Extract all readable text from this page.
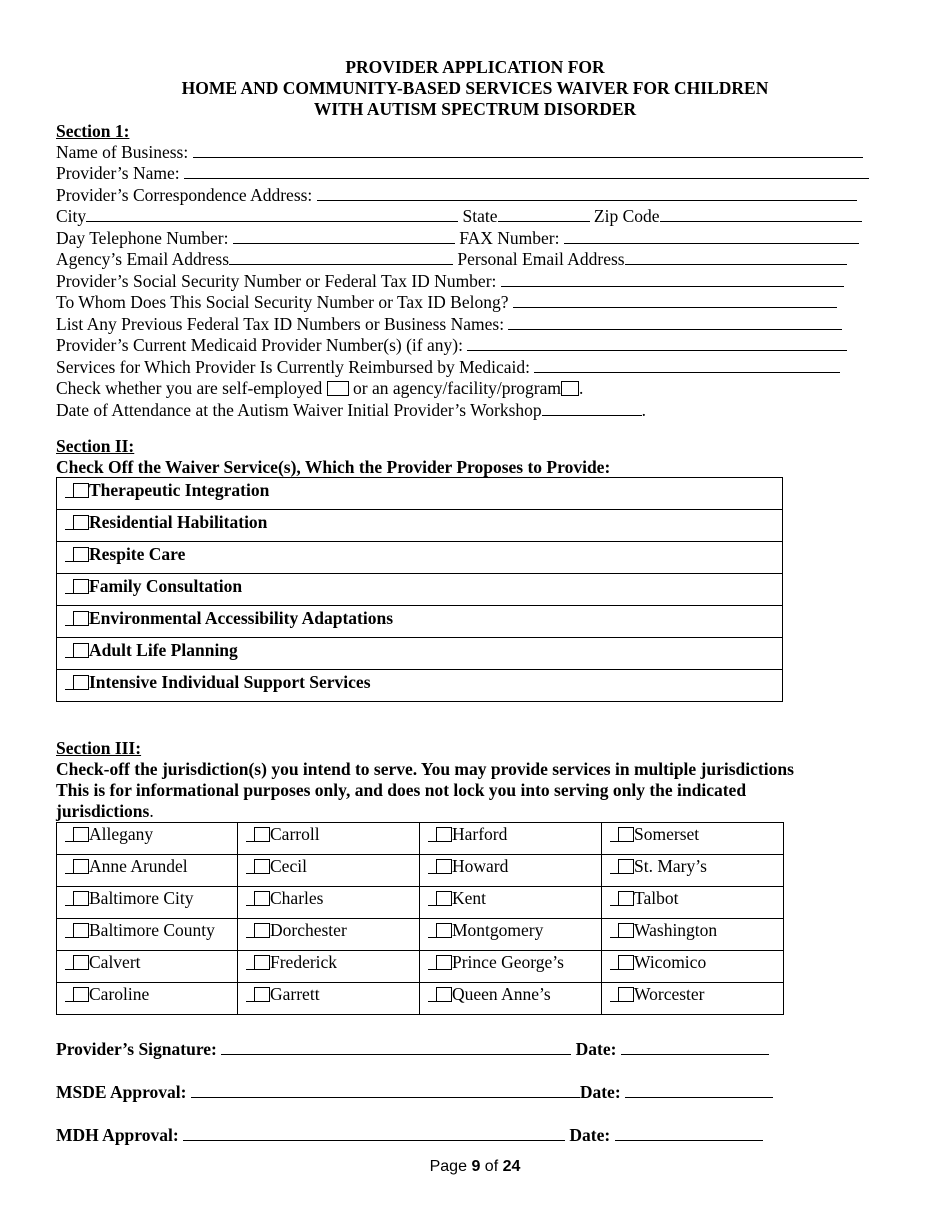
PROVIDER APPLICATION FOR
HOME AND COMMUNITY-BASED SERVICES WAIVER FOR CHILDREN
WITH AUTISM SPECTRUM DISORDER
Section 1:
Name of Business:
Provider’s Name:
Provider’s Correspondence Address:
City	State	Zip Code
Day Telephone Number:	FAX Number:
Agency’s Email Address	Personal Email Address
Provider’s Social Security Number or Federal Tax ID Number:
To Whom Does This Social Security Number or Tax ID Belong?
List Any Previous Federal Tax ID Numbers or Business Names:
Provider’s Current Medicaid Provider Number(s) (if any):
Services for Which Provider Is Currently Reimbursed by Medicaid:
Check whether you are self-employed or an agency/facility/program .
Date of Attendance at the Autism Waiver Initial Provider’s Workshop	.
Section II:
Check Off the Waiver Service(s), Which the Provider Proposes to Provide:
Therapeutic Integration
Residential Habilitation
Respite Care
Family Consultation
Environmental Accessibility Adaptations
Adult Life Planning
Intensive Individual Support Services
Section III:
Check-off the jurisdiction(s) you intend to serve. You may provide services in multiple jurisdictions
This is for informational purposes only, and does not lock you into serving only the indicated
jurisdictions.
Allegany	Carroll	Harford	Somerset
Anne Arundel	Cecil	Howard	St. Mary’s
Baltimore City	Charles	Kent	Talbot
Baltimore County	Dorchester	Montgomery	Washington
Calvert	Frederick	Prince George’s	Wicomico
Caroline	Garrett	Queen Anne’s	Worcester
Provider’s Signature:	Date:
MSDE Approval:	Date:
MDH Approval:	Date:
Page 9 of 24
